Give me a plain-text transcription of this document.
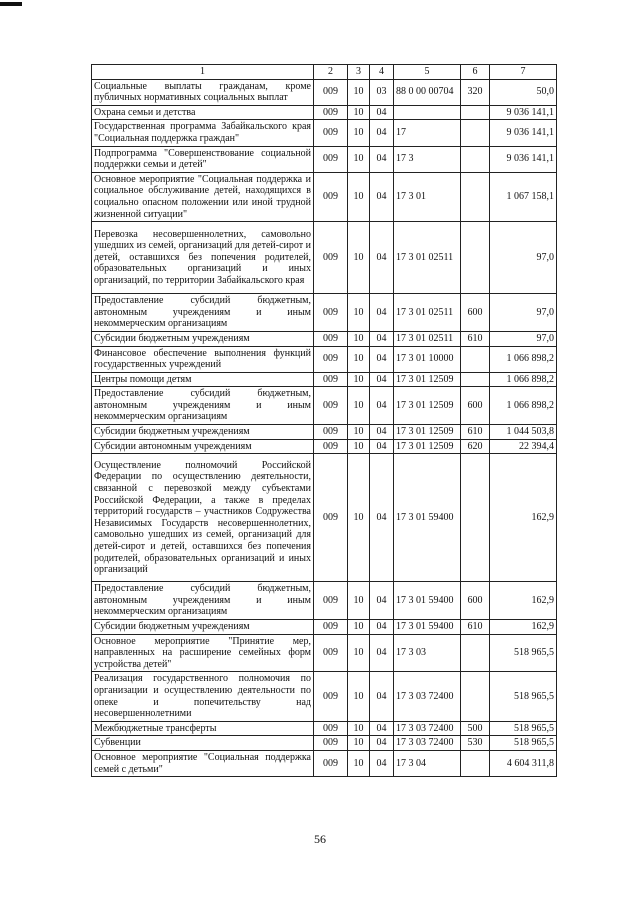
1	2	3	4	5	6	7
Социальные выплаты гражданам, кроме публичных нормативных социальных выплат	009	10	03	88 0 00 00704	320	50,0
Охрана семьи и детства	009	10	04			9 036 141,1
Государственная программа Забайкальского края "Социальная поддержка граждан"	009	10	04	17		9 036 141,1
Подпрограмма "Совершенствование социальной поддержки семьи и детей"	009	10	04	17 3		9 036 141,1
Основное мероприятие "Социальная поддержка и социальное обслуживание детей, находящихся в социально опасном положении или иной трудной жизненной ситуации"	009	10	04	17 3 01		1 067 158,1
Перевозка несовершеннолетних, самовольно ушедших из семей, организаций для детей-сирот и детей, оставшихся без попечения родителей, образовательных организаций и иных организаций, по территории Забайкальского края	009	10	04	17 3 01 02511		97,0
Предоставление субсидий бюджетным, автономным учреждениям и иным некоммерческим организациям	009	10	04	17 3 01 02511	600	97,0
Субсидии бюджетным учреждениям	009	10	04	17 3 01 02511	610	97,0
Финансовое обеспечение выполнения функций государственных учреждений	009	10	04	17 3 01 10000		1 066 898,2
Центры помощи детям	009	10	04	17 3 01 12509		1 066 898,2
Предоставление субсидий бюджетным, автономным учреждениям и иным некоммерческим организациям	009	10	04	17 3 01 12509	600	1 066 898,2
Субсидии бюджетным учреждениям	009	10	04	17 3 01 12509	610	1 044 503,8
Субсидии автономным учреждениям	009	10	04	17 3 01 12509	620	22 394,4
Осуществление полномочий Российской Федерации по осуществлению деятельности, связанной с перевозкой между субъектами Российской Федерации, а также в пределах территорий государств – участников Содружества Независимых Государств несовершеннолетних, самовольно ушедших из семей, организаций для детей-сирот и детей, оставшихся без попечения родителей, образовательных организаций и иных организаций	009	10	04	17 3 01 59400		162,9
Предоставление субсидий бюджетным, автономным учреждениям и иным некоммерческим организациям	009	10	04	17 3 01 59400	600	162,9
Субсидии бюджетным учреждениям	009	10	04	17 3 01 59400	610	162,9
Основное мероприятие "Принятие мер, направленных на расширение семейных форм устройства детей"	009	10	04	17 3 03		518 965,5
Реализация государственного полномочия по организации и осуществлению деятельности по опеке и попечительству над несовершеннолетними	009	10	04	17 3 03 72400		518 965,5
Межбюджетные трансферты	009	10	04	17 3 03 72400	500	518 965,5
Субвенции	009	10	04	17 3 03 72400	530	518 965,5
Основное мероприятие "Социальная поддержка семей с детьми"	009	10	04	17 3 04		4 604 311,8
56
